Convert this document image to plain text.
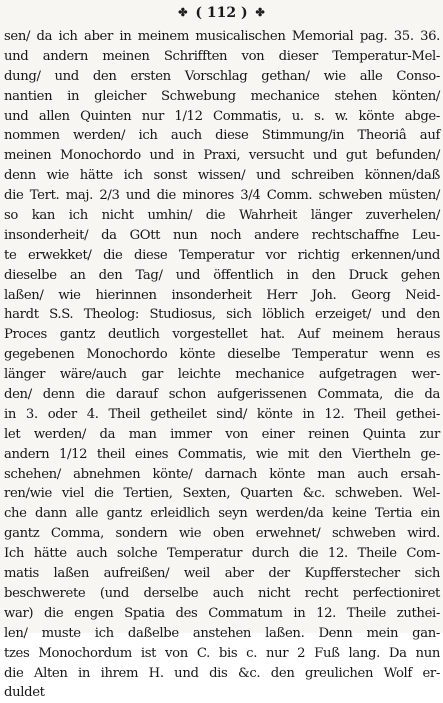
✤ ( 112 ) ✤
sen/ da ich aber in meinem musicalischen Memorial pag. 35. 36.
und andern meinen Schrifften von dieser Temperatur-Mel-
dung/ und den ersten Vorschlag gethan/ wie alle Conso-
nantien in gleicher Schwebung mechanice stehen könten/
und allen Quinten nur 1/12 Commatis, u. s. w. könte abge-
nommen werden/ ich auch diese Stimmung/in Theoriâ auf
meinen Monochordo und in Praxi, versucht und gut befunden/
denn wie hätte ich sonst wissen/ und schreiben können/daß
die Tert. maj. 2/3 und die minores 3/4 Comm. schweben müsten/
so kan ich nicht umhin/ die Wahrheit länger zuverhelen/
insonderheit/ da GOtt nun noch andere rechtschaffne Leu-
te erwekket/ die diese Temperatur vor richtig erkennen/und
dieselbe an den Tag/ und öffentlich in den Druck gehen
laßen/ wie hierinnen insonderheit Herr Joh. Georg Neid-
hardt S.S. Theolog: Studiosus, sich löblich erzeiget/ und den
Proces gantz deutlich vorgestellet hat. Auf meinem heraus
gegebenen Monochordo könte dieselbe Temperatur wenn es
länger wäre/auch gar leichte mechanice aufgetragen wer-
den/ denn die darauf schon aufgerissenen Commata, die da
in 3. oder 4. Theil getheilet sind/ könte in 12. Theil gethei-
let werden/ da man immer von einer reinen Quinta zur
andern 1/12 theil eines Commatis, wie mit den Viertheln ge-
schehen/ abnehmen könte/ darnach könte man auch ersah-
ren/wie viel die Tertien, Sexten, Quarten &c. schweben. Wel-
che dann alle gantz erleidlich seyn werden/da keine Tertia ein
gantz Comma, sondern wie oben erwehnet/ schweben wird.
Ich hätte auch solche Temperatur durch die 12. Theile Com-
matis laßen aufreißen/ weil aber der Kupfferstecher sich
beschwerete (und derselbe auch nicht recht perfectioniret
war) die engen Spatia des Commatum in 12. Theile zuthei-
len/ muste ich daßelbe anstehen laßen. Denn mein gan-
tzes Monochordum ist von C. bis c. nur 2 Fuß lang. Da nun
die Alten in ihrem H. und dis &c. den greulichen Wolf er-
duldet
